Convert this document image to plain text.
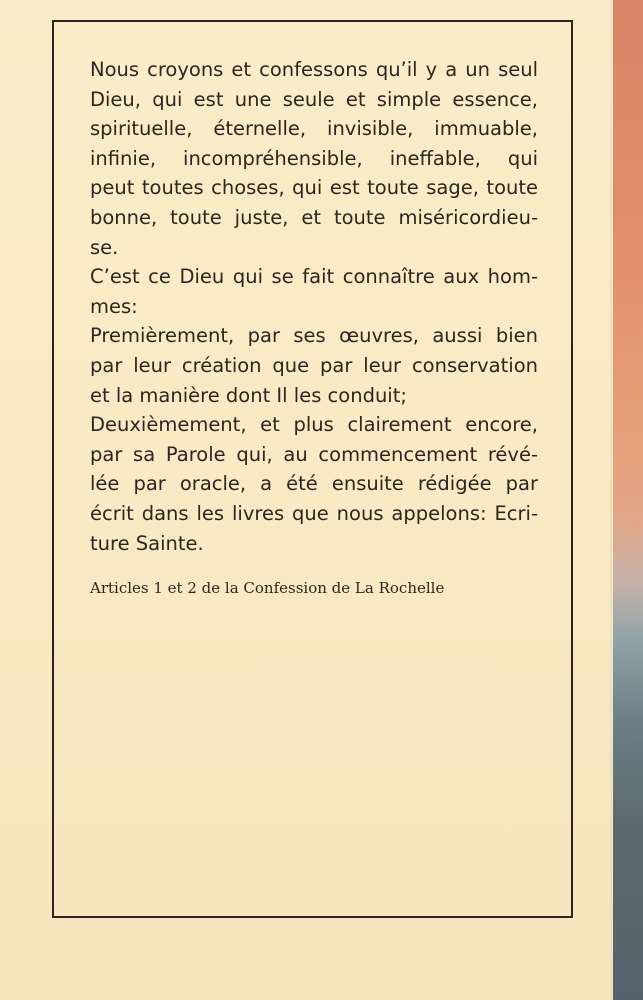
Nous croyons et confessons qu’il y a un seul
Dieu, qui est une seule et simple essence,
spirituelle, éternelle, invisible, immuable,
infinie, incompréhensible, ineffable, qui
peut toutes choses, qui est toute sage, toute
bonne, toute juste, et toute miséricordieu-
se.
C’est ce Dieu qui se fait connaître aux hom-
mes:
Premièrement, par ses œuvres, aussi bien
par leur création que par leur conservation
et la manière dont Il les conduit;
Deuxièmement, et plus clairement encore,
par sa Parole qui, au commencement révé-
lée par oracle, a été ensuite rédigée par
écrit dans les livres que nous appelons: Ecri-
ture Sainte.
Articles 1 et 2 de la Confession de La Rochelle
